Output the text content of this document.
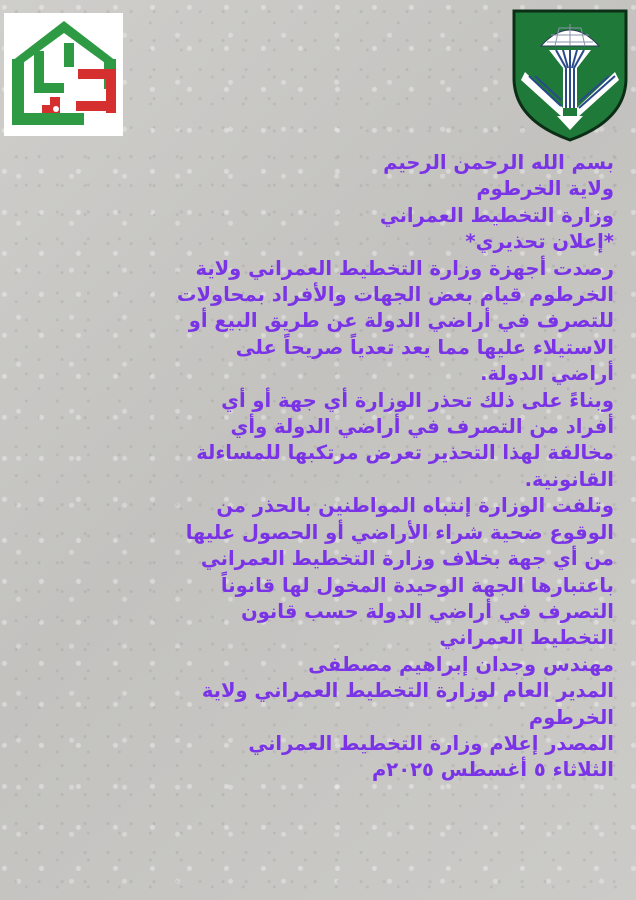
بسم الله الرحمن الرحيم
ولاية الخرطوم
وزارة التخطيط العمراني
*إعلان تحذيري*
رصدت أجهزة وزارة التخطيط العمراني ولاية
الخرطوم قيام بعض الجهات والأفراد بمحاولات
للتصرف في أراضي الدولة عن طريق البيع أو
الاستيلاء عليها مما يعد تعدياً صريحاً على
أراضي الدولة.
وبناءً على ذلك تحذر الوزارة أي جهة أو أي
أفراد من التصرف في أراضي الدولة وأي
مخالفة لهذا التحذير تعرض مرتكبها للمساءلة
القانونية.
وتلفت الوزارة إنتباه المواطنين بالحذر من
الوقوع ضحية شراء الأراضي أو الحصول عليها
من أي جهة بخلاف وزارة التخطيط العمراني
باعتبارها الجهة الوحيدة المخول لها قانوناً
التصرف في أراضي الدولة حسب قانون
التخطيط العمراني
مهندس وجدان إبراهيم مصطفى
المدير العام لوزارة التخطيط العمراني ولاية
الخرطوم
المصدر إعلام وزارة التخطيط العمراني
الثلاثاء ٥ أغسطس ٢٠٢٥م
